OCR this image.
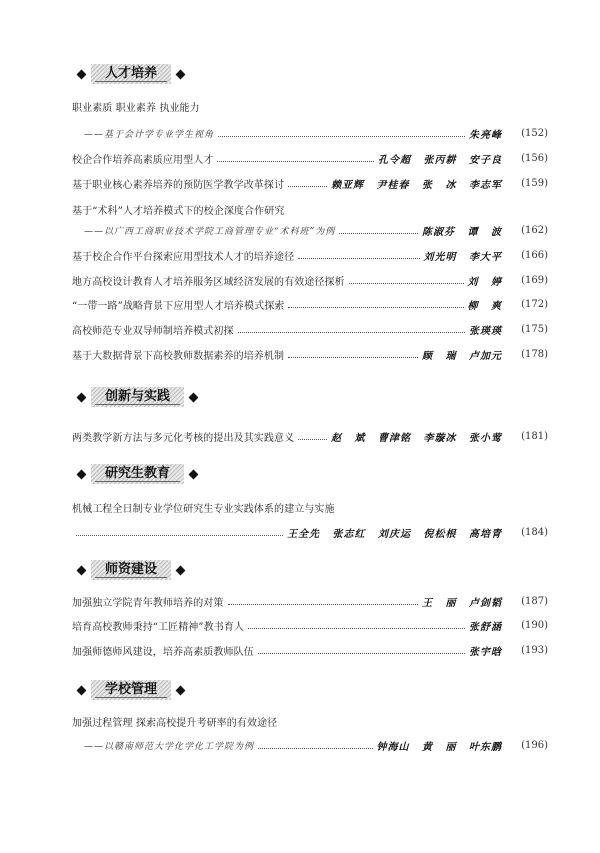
人才培养
职业素质 职业素养 执业能力
——基于会计学专业学生视角	朱亮峰	(152)
校企合作培养高素质应用型人才	孔令超 张丙耕 安子良	(156)
基于职业核心素养培养的预防医学教学改革探讨	赖亚辉 尹桂春 张 冰 李志军	(159)
基于“术科”人才培养模式下的校企深度合作研究
——以广西工商职业技术学院工商管理专业“术科班”为例	陈淑芬 谭 波	(162)
基于校企合作平台探索应用型技术人才的培养途径	刘光明 李大平	(166)
地方高校设计教育人才培养服务区域经济发展的有效途径探析	刘 婷	(169)
“一带一路”战略背景下应用型人才培养模式探索	柳 爽	(172)
高校师范专业双导师制培养模式初探	张瑛瑛	(175)
基于大数据背景下高校教师数据素养的培养机制	顾 瑞 卢加元	(178)
创新与实践
两类教学新方法与多元化考核的提出及其实践意义	赵 斌 曹津铭 李璇冰 张小莺	(181)
研究生教育
机械工程全日制专业学位研究生专业实践体系的建立与实施
王全先 张志红 刘庆运 倪松根 高培青	(184)
师资建设
加强独立学院青年教师培养的对策	王 丽 卢剑韬	(187)
培育高校教师秉持“工匠精神”教书育人	张舒涵	(190)
加强师德师风建设，培养高素质教师队伍	张宇晗	(193)
学校管理
加强过程管理 探索高校提升考研率的有效途径
——以赣南师范大学化学化工学院为例	钟海山 黄 丽 叶东鹏	(196)
